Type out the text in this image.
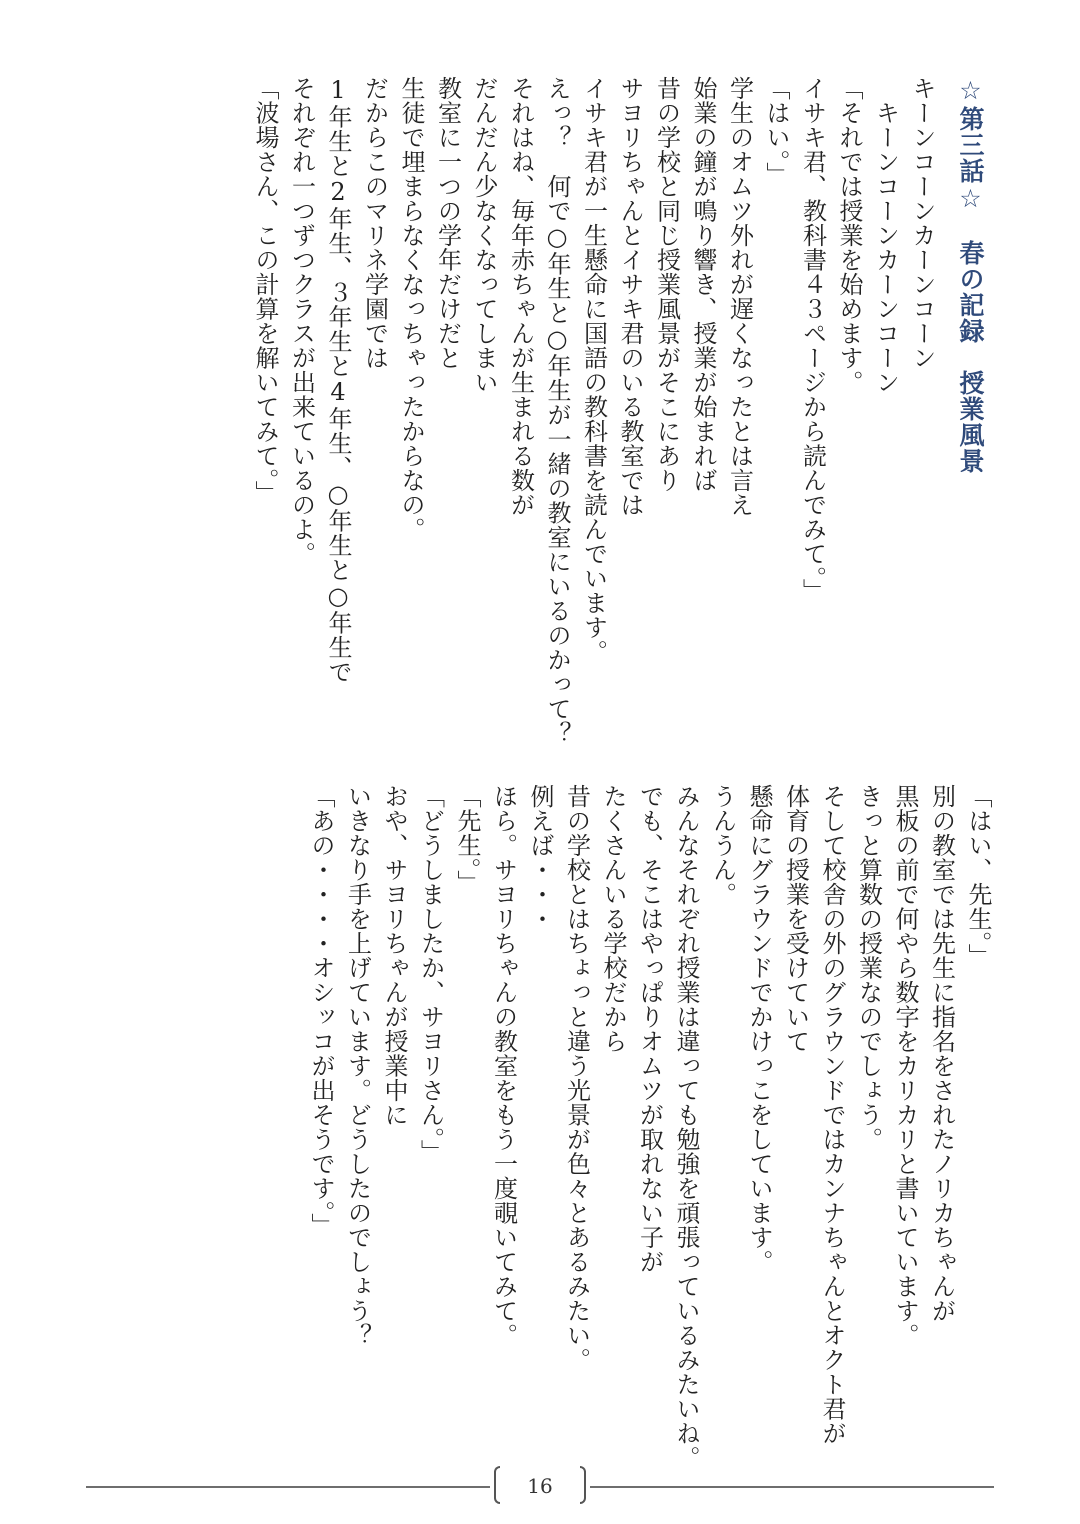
☆第三話☆　春の記録　授業風景
キーンコーンカーンコーン
　キーンコーンカーンコーン
「それでは授業を始めます。
イサキ君、教科書４３ページから読んでみて。」
「はい。」
学生のオムツ外れが遅くなったとは言え
始業の鐘が鳴り響き、授業が始まれば
昔の学校と同じ授業風景がそこにあり
サヨリちゃんとイサキ君のいる教室では
イサキ君が一生懸命に国語の教科書を読んでいます。
えっ？　何で○年生と○年生が一緒の教室にいるのかって？
それはね、毎年赤ちゃんが生まれる数が
だんだん少なくなってしまい
教室に一つの学年だけだと
生徒で埋まらなくなっちゃったからなの。
だからこのマリネ学園では
1年生と2年生、３年生と4年生、○年生と○年生で
それぞれ一つずつクラスが出来ているのよ。
「波場さん、この計算を解いてみて。」
「はい、先生。」
別の教室では先生に指名をされたノリカちゃんが
黒板の前で何やら数字をカリカリと書いています。
きっと算数の授業なのでしょう。
そして校舎の外のグラウンドではカンナちゃんとオクト君が
体育の授業を受けていて
懸命にグラウンドでかけっこをしています。
うんうん。
みんなそれぞれ授業は違っても勉強を頑張っているみたいね。
でも、そこはやっぱりオムツが取れない子が
たくさんいる学校だから
昔の学校とはちょっと違う光景が色々とあるみたい。
例えば・・・
ほら。サヨリちゃんの教室をもう一度覗いてみて。
「先生。」
「どうしましたか、サヨリさん。」
おや、サヨリちゃんが授業中に
いきなり手を上げています。どうしたのでしょう？
「あの・・・・オシッコが出そうです。」
16
